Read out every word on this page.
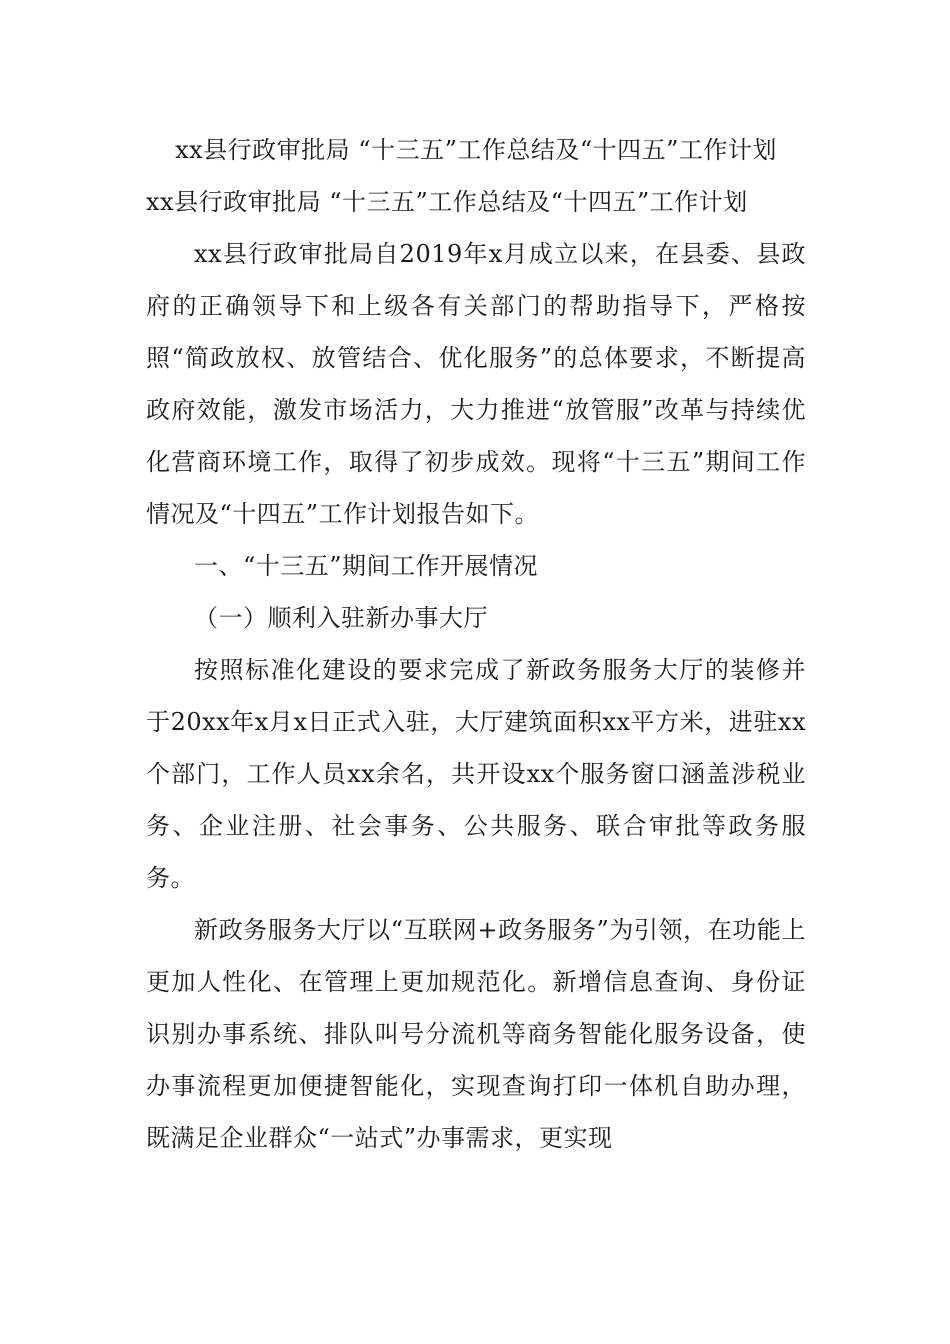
xx县行政审批局 “十三五”工作总结及“十四五”工作计划

xx县行政审批局 “十三五”工作总结及“十四五”工作计划

xx县行政审批局自2019年x月成立以来，在县委、县政府的正确领导下和上级各有关部门的帮助指导下，严格按照“简政放权、放管结合、优化服务”的总体要求，不断提高政府效能，激发市场活力，大力推进“放管服”改革与持续优化营商环境工作，取得了初步成效。现将“十三五”期间工作情况及“十四五”工作计划报告如下。

一、“十三五”期间工作开展情况

（一）顺利入驻新办事大厅

按照标准化建设的要求完成了新政务服务大厅的装修并于20xx年x月x日正式入驻，大厅建筑面积xx平方米，进驻xx个部门，工作人员xx余名，共开设xx个服务窗口涵盖涉税业务、企业注册、社会事务、公共服务、联合审批等政务服务。

新政务服务大厅以“互联网+政务服务”为引领，在功能上更加人性化、在管理上更加规范化。新增信息查询、身份证识别办事系统、排队叫号分流机等商务智能化服务设备，使办事流程更加便捷智能化，实现查询打印一体机自助办理，既满足企业群众“一站式”办事需求，更实现
